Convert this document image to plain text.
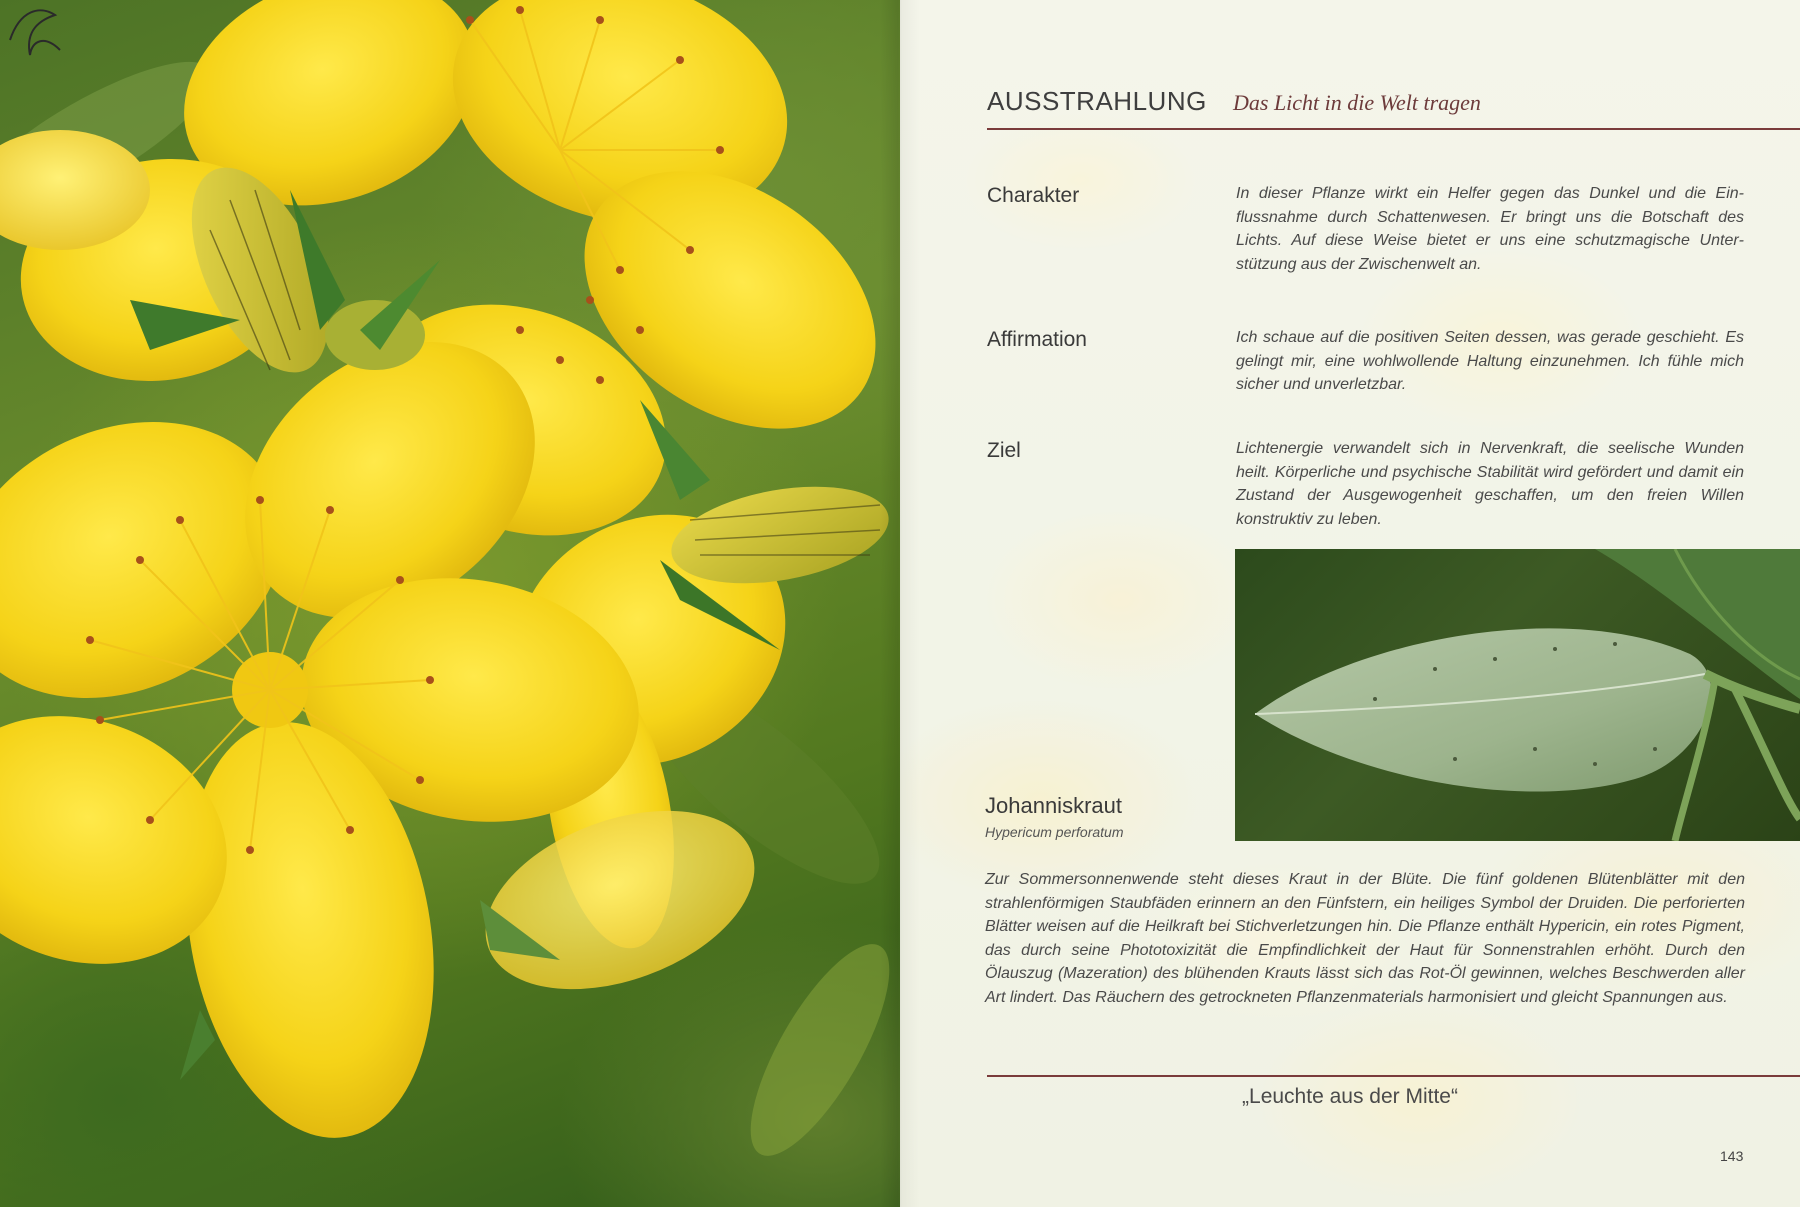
AUSSTRAHLUNG Das Licht in die Welt tragen
Charakter	In dieser Pflanze wirkt ein Helfer gegen das Dunkel und die Einflussnahme durch Schattenwesen. Er bringt uns die Botschaft des Lichts. Auf diese Weise bietet er uns eine schutzmagische Unterstützung aus der Zwischenwelt an.
Affirmation	Ich schaue auf die positiven Seiten dessen, was gerade geschieht. Es gelingt mir, eine wohlwollende Haltung einzunehmen. Ich fühle mich sicher und unverletzbar.
Ziel	Lichtenergie verwandelt sich in Nervenkraft, die seelische Wunden heilt. Körperliche und psychische Stabilität wird gefördert und damit ein Zustand der Ausgewogenheit geschaffen, um den freien Willen konstruktiv zu leben.
Johanniskraut
Hypericum perforatum
Zur Sommersonnenwende steht dieses Kraut in der Blüte. Die fünf goldenen Blütenblätter mit den strahlenförmigen Staubfäden erinnern an den Fünfstern, ein heiliges Symbol der Druiden. Die perforierten Blätter weisen auf die Heilkraft bei Stichverletzungen hin. Die Pflanze enthält Hypericin, ein rotes Pigment, das durch seine Phototoxizität die Empfindlichkeit der Haut für Sonnenstrahlen erhöht. Durch den Ölauszug (Mazeration) des blühenden Krauts lässt sich das Rot-Öl gewinnen, welches Beschwerden aller Art lindert. Das Räuchern des getrockneten Pflanzenmaterials harmonisiert und gleicht Spannungen aus.
„Leuchte aus der Mitte“
143
